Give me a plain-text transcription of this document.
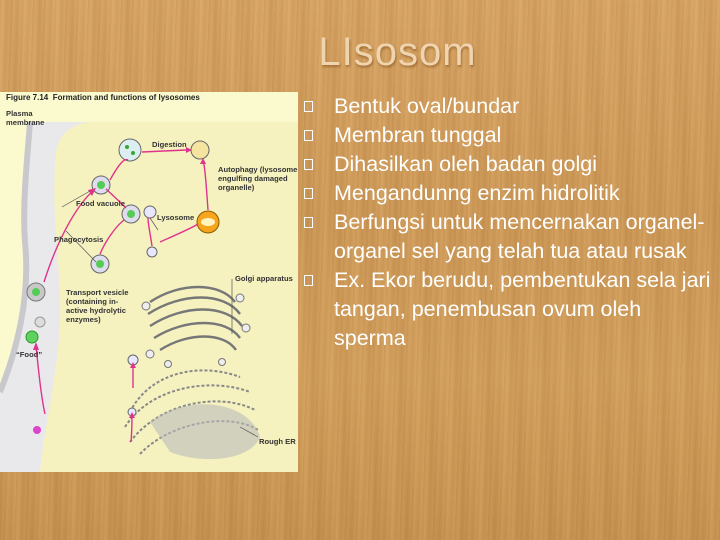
LIsosom
Figure 7.14 Formation and functions of lysosomes
Plasma membrane
Digestion
Autophagy (lysosome engulfing damaged organelle)
Food vacuole
Phagocytosis
Lysosome
Golgi apparatus
Transport vesicle (containing in- active hydrolytic enzymes)
“Food”
Rough ER
Bentuk oval/bundar
Membran tunggal
Dihasilkan oleh badan golgi
Mengandunng enzim hidrolitik
Berfungsi untuk mencernakan organel-organel sel yang telah tua atau rusak
Ex. Ekor berudu, pembentukan sela jari tangan, penembusan ovum oleh sperma
